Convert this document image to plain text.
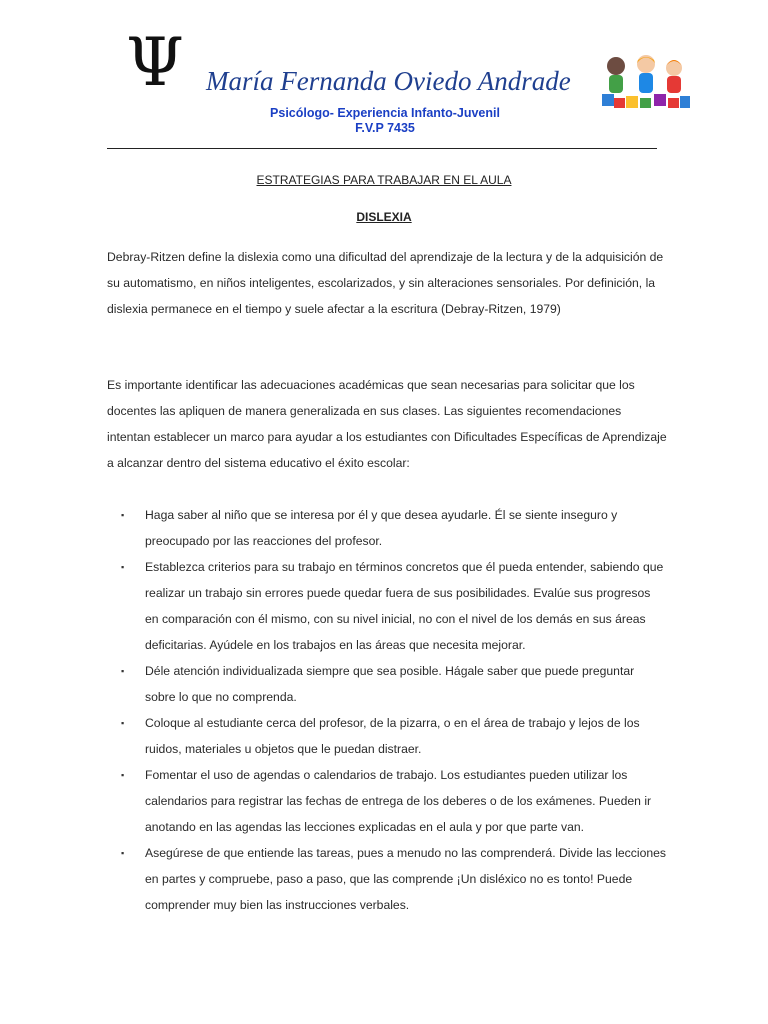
Ψ María Fernanda Oviedo Andrade
Psicólogo- Experiencia Infanto-Juvenil
F.V.P 7435
ESTRATEGIAS PARA TRABAJAR EN EL AULA
DISLEXIA

Debray-Ritzen define la dislexia como una dificultad del aprendizaje de la lectura y de la adquisición de su automatismo, en niños inteligentes, escolarizados, y sin alteraciones sensoriales. Por definición, la dislexia permanece en el tiempo y suele afectar a la escritura (Debray-Ritzen, 1979)

Es importante identificar las adecuaciones académicas que sean necesarias para solicitar que los docentes las apliquen de manera generalizada en sus clases. Las siguientes recomendaciones intentan establecer un marco para ayudar a los estudiantes con Dificultades Específicas de Aprendizaje a alcanzar dentro del sistema educativo el éxito escolar:

▪ Haga saber al niño que se interesa por él y que desea ayudarle. Él se siente inseguro y preocupado por las reacciones del profesor.
▪ Establezca criterios para su trabajo en términos concretos que él pueda entender, sabiendo que realizar un trabajo sin errores puede quedar fuera de sus posibilidades. Evalúe sus progresos en comparación con él mismo, con su nivel inicial, no con el nivel de los demás en sus áreas deficitarias. Ayúdele en los trabajos en las áreas que necesita mejorar.
▪ Déle atención individualizada siempre que sea posible. Hágale saber que puede preguntar sobre lo que no comprenda.
▪ Coloque al estudiante cerca del profesor, de la pizarra, o en el área de trabajo y lejos de los ruidos, materiales u objetos que le puedan distraer.
▪ Fomentar el uso de agendas o calendarios de trabajo. Los estudiantes pueden utilizar los calendarios para registrar las fechas de entrega de los deberes o de los exámenes. Pueden ir anotando en las agendas las lecciones explicadas en el aula y por que parte van.
▪ Asegúrese de que entiende las tareas, pues a menudo no las comprenderá. Divide las lecciones en partes y compruebe, paso a paso, que las comprende ¡Un disléxico no es tonto! Puede comprender muy bien las instrucciones verbales.
